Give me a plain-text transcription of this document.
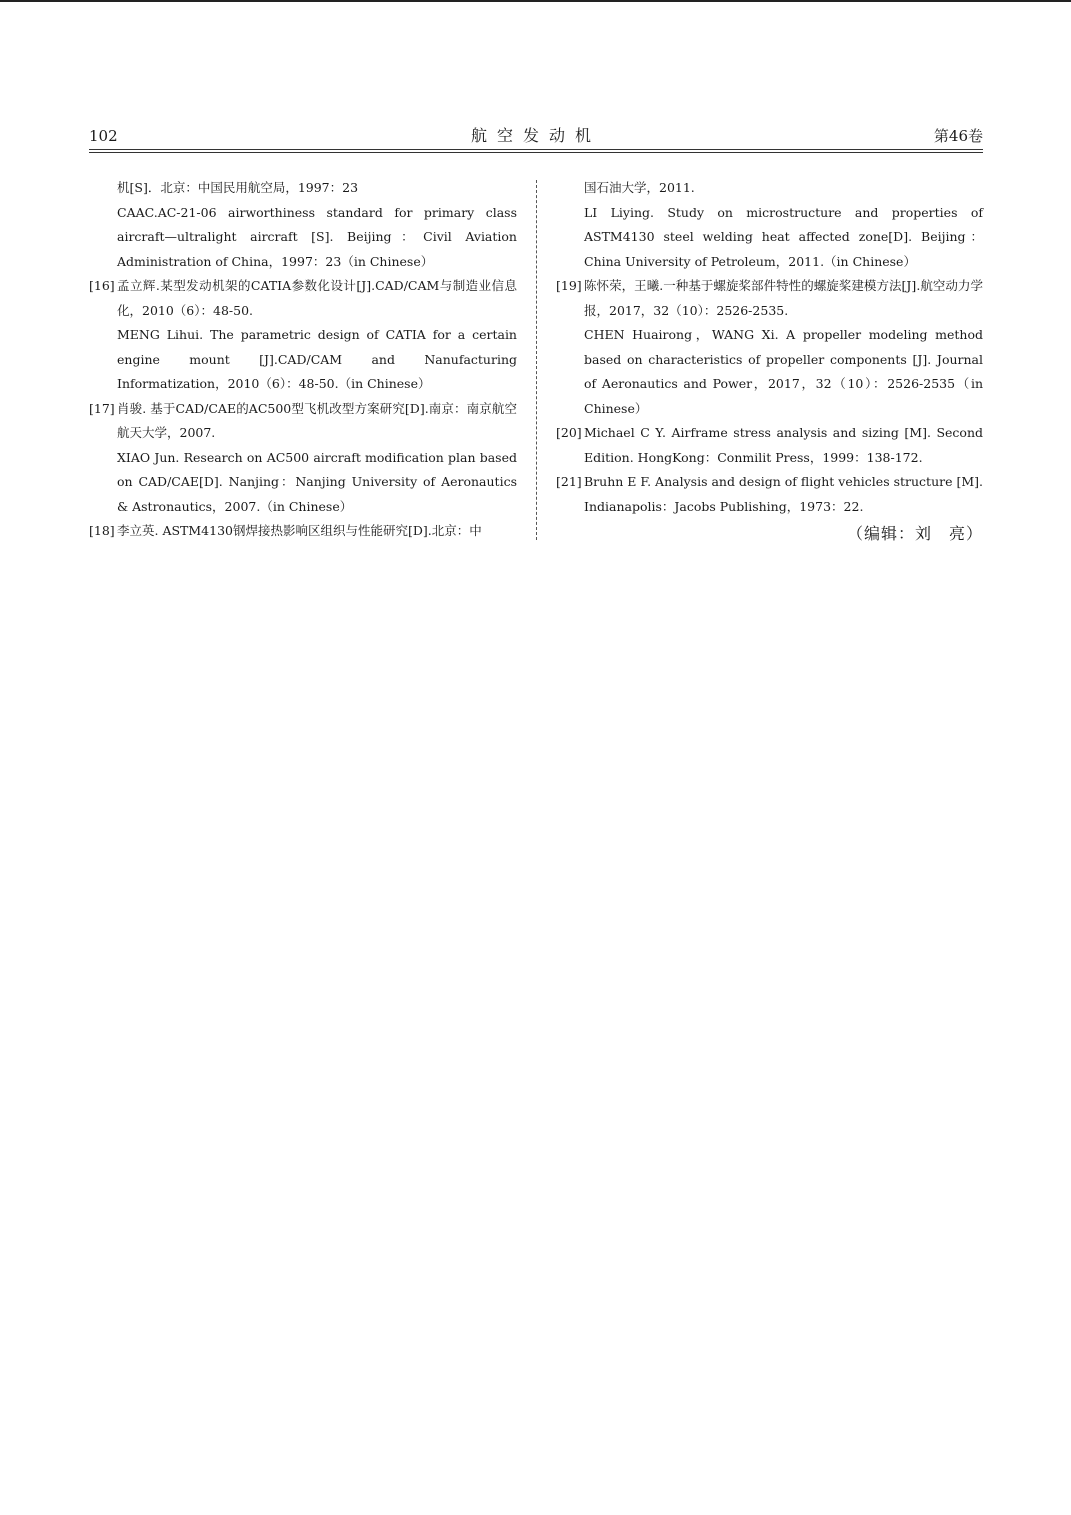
102	航空发动机	第46卷

机[S]．北京：中国民用航空局，1997：23

CAAC.AC-21-06 airworthiness standard for primary class aircraft—ultralight aircraft [S]. Beijing：Civil Aviation Administration of China，1997：23（in Chinese）

[16] 孟立辉.某型发动机架的CATIA参数化设计[J].CAD/CAM与制造业信息化，2010（6）：48-50.

MENG Lihui. The parametric design of CATIA for a certain engine mount [J].CAD/CAM and Nanufacturing Informatization，2010（6）：48-50.（in Chinese）

[17] 肖骏. 基于CAD/CAE的AC500型飞机改型方案研究[D].南京：南京航空航天大学，2007.

XIAO Jun. Research on AC500 aircraft modification plan based on CAD/CAE[D]. Nanjing：Nanjing University of Aeronautics & Astronautics，2007.（in Chinese）

[18] 李立英. ASTM4130钢焊接热影响区组织与性能研究[D].北京：中

国石油大学，2011.

LI Liying. Study on microstructure and properties of ASTM4130 steel welding heat affected zone[D]. Beijing：China University of Petroleum，2011.（in Chinese）

[19] 陈怀荣，王曦.一种基于螺旋桨部件特性的螺旋桨建模方法[J].航空动力学报，2017，32（10）：2526-2535.

CHEN Huairong，WANG Xi. A propeller modeling method based on characteristics of propeller components [J]. Journal of Aeronautics and Power，2017，32（10）：2526-2535（in Chinese）

[20] Michael C Y. Airframe stress analysis and sizing [M]. Second Edition. HongKong：Conmilit Press，1999：138-172.

[21] Bruhn E F. Analysis and design of flight vehicles structure [M]. Indianapolis：Jacobs Publishing，1973：22.

（编辑：刘　亮）
